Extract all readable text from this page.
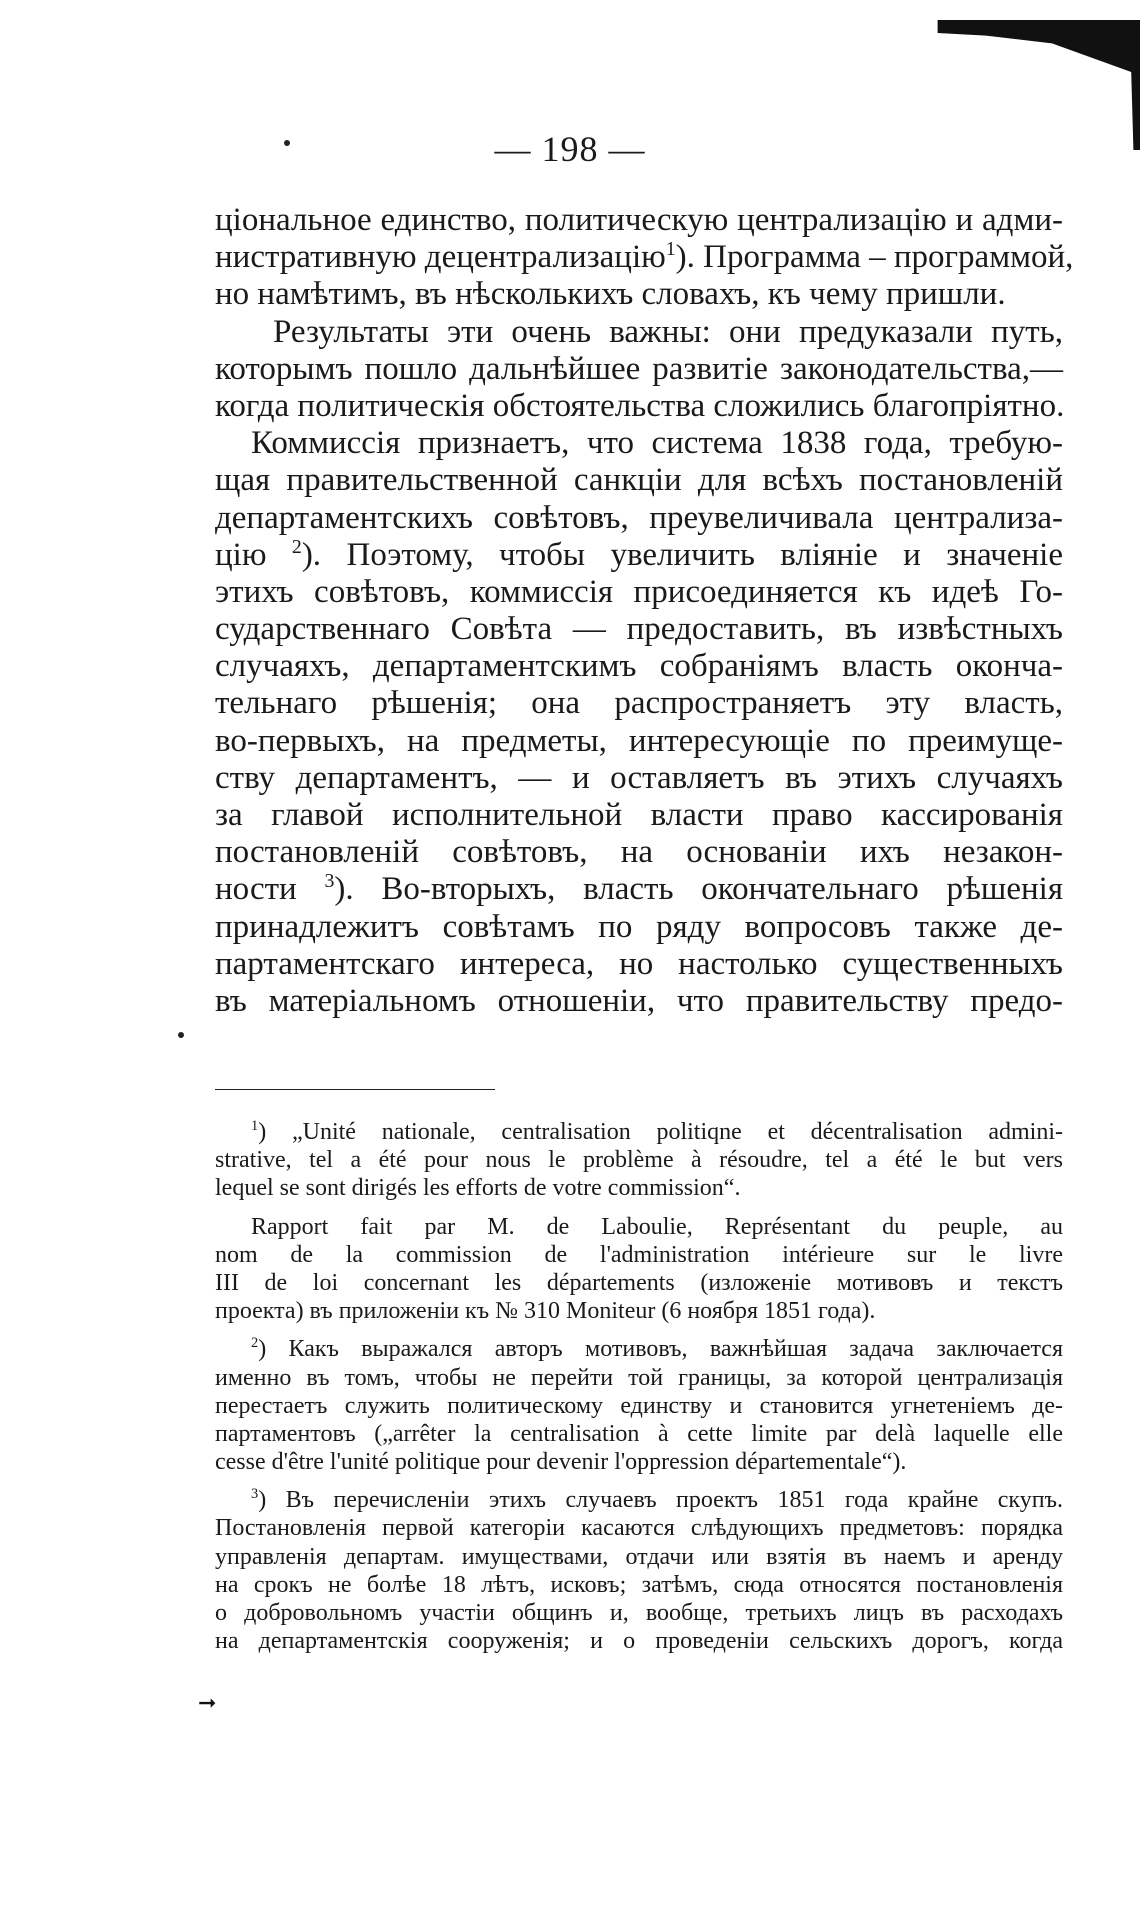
— 198 —
ціональное единство, политическую централизацію и адми-
нистративную децентрализацію$^1$). Программа – программой,
но намѣтимъ, въ нѣсколькихъ словахъ, къ чему пришли.
Результаты эти очень важны: они предуказали путь,
которымъ пошло дальнѣйшее развитіе законодательства,—
когда политическія обстоятельства сложились благопріятно.
Коммиссія признаетъ, что система 1838 года, требую-
щая правительственной санкціи для всѣхъ постановленій
департаментскихъ совѣтовъ, преувеличивала централиза-
цію $^2$). Поэтому, чтобы увеличить вліяніе и значеніе
этихъ совѣтовъ, коммиссія присоединяется къ идеѣ Го-
сударственнаго Совѣта — предоставить, въ извѣстныхъ
случаяхъ, департаментскимъ собраніямъ власть оконча-
тельнаго рѣшенія; она распространяетъ эту власть,
во-первыхъ, на предметы, интересующіе по преимуще-
ству департаментъ, — и оставляетъ въ этихъ случаяхъ
за главой исполнительной власти право кассированія
постановленій совѣтовъ, на основаніи ихъ незакон-
ности $^3$). Во-вторыхъ, власть окончательнаго рѣшенія
принадлежитъ совѣтамъ по ряду вопросовъ также де-
партаментскаго интереса, но настолько существенныхъ
въ матеріальномъ отношеніи, что правительству предо-
$^1$) „Unité nationale, centralisation politiqne et décentralisation admini-
strative, tel a été pour nous le problème à résoudre, tel a été le but vers
lequel se sont dirigés les efforts de votre commission“.
Rapport fait par M. de Laboulie, Représentant du peuple, au
nom de la commission de l'administration intérieure sur le livre
III de loi concernant les départements (изложеніе мотивовъ и текстъ
проекта) въ приложеніи къ № 310 Moniteur (6 ноября 1851 года).
$^2$) Какъ выражался авторъ мотивовъ, важнѣйшая задача заключается
именно въ томъ, чтобы не перейти той границы, за которой централизація
перестаетъ служить политическому единству и становится угнетеніемъ де-
партаментовъ („arrêter la centralisation à cette limite par delà laquelle elle
cesse d'être l'unité politique pour devenir l'oppression départementale“).
$^3$) Въ перечисленіи этихъ случаевъ проектъ 1851 года крайне скупъ.
Постановленія первой категоріи касаются слѣдующихъ предметовъ: порядка
управленія департам. имуществами, отдачи или взятія въ наемъ и аренду
на срокъ не болѣе 18 лѣтъ, исковъ; затѣмъ, сюда относятся постановленія
о добровольномъ участіи общинъ и, вообще, третьихъ лицъ въ расходахъ
на департаментскія сооруженія; и о проведеніи сельскихъ дорогъ, когда
➞
